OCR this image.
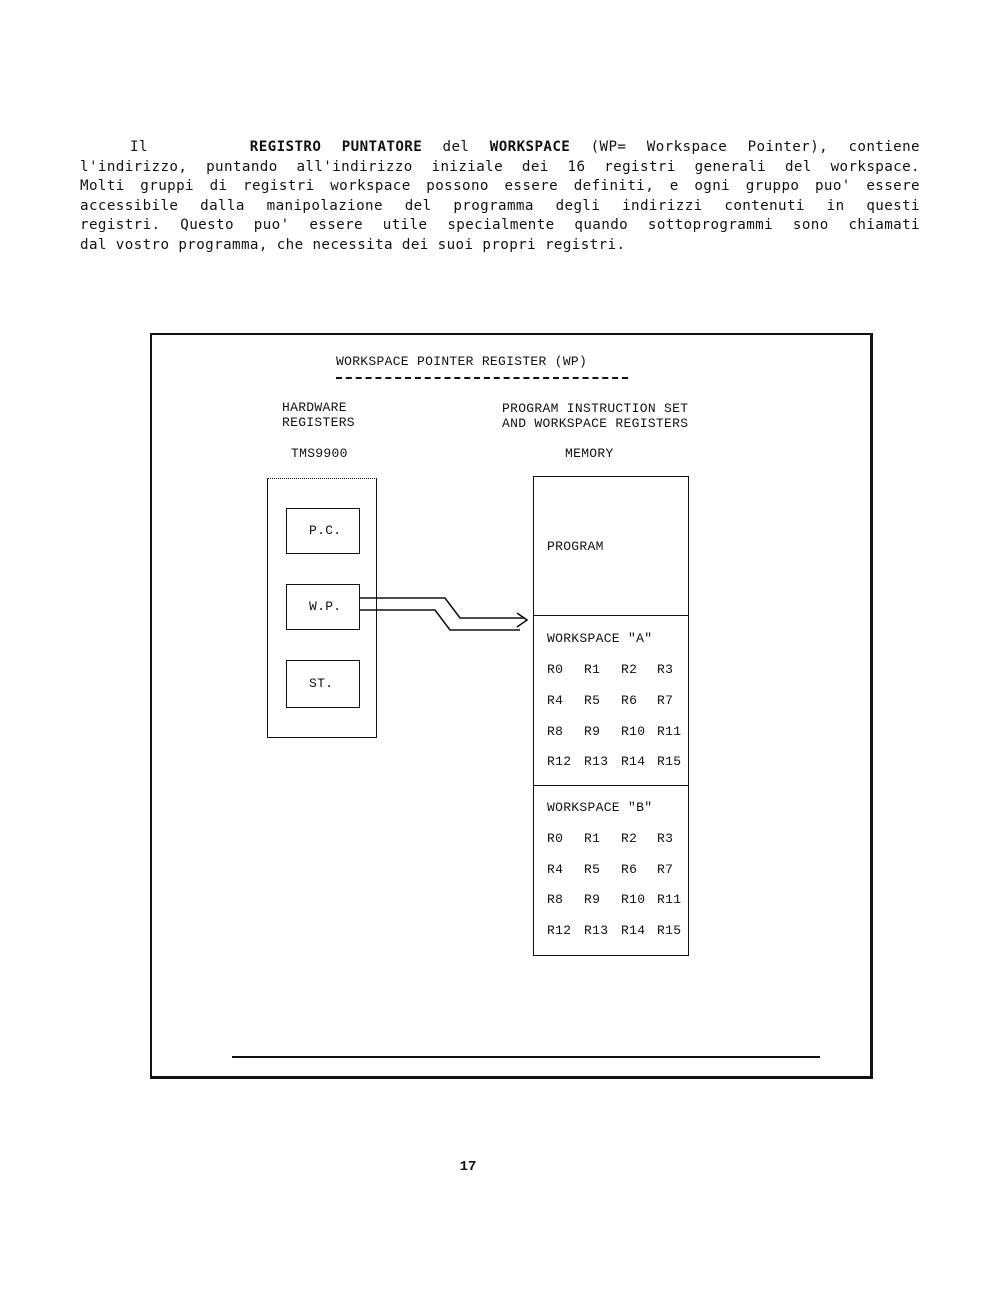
Il	REGISTRO PUNTATORE del WORKSPACE (WP= Workspace Pointer), contiene
l'indirizzo, puntando all'indirizzo iniziale dei 16 registri generali del workspace.
Molti gruppi di registri workspace possono essere definiti, e ogni gruppo puo' essere
accessibile dalla manipolazione del programma degli indirizzi contenuti in questi
registri. Questo puo' essere utile specialmente quando sottoprogrammi sono chiamati
dal vostro programma, che necessita dei suoi propri registri.
WORKSPACE POINTER REGISTER (WP)
HARDWARE
REGISTERS
TMS9900
PROGRAM INSTRUCTION SET
AND WORKSPACE REGISTERS
MEMORY
P.C.
W.P.
ST.
PROGRAM
WORKSPACE "A"
R0 R1 R2 R3
R4 R5 R6 R7
R8 R9 R10 R11
R12 R13 R14 R15
WORKSPACE "B"
R0 R1 R2 R3
R4 R5 R6 R7
R8 R9 R10 R11
R12 R13 R14 R15
17
